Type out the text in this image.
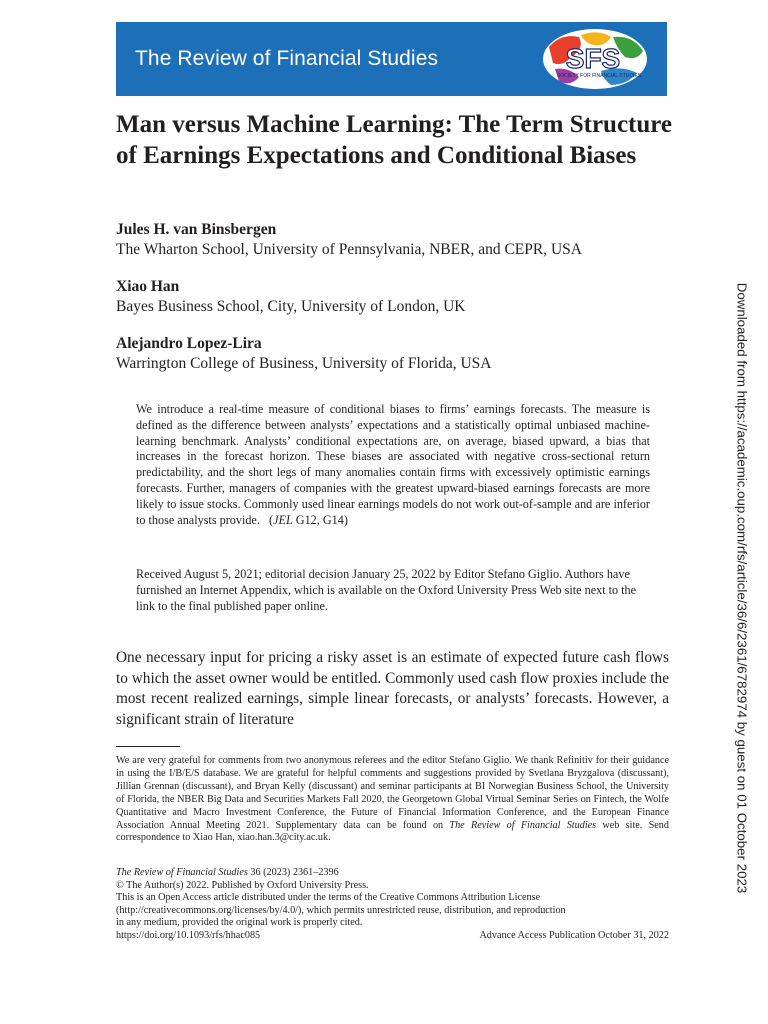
The Review of Financial Studies	SFS
SOCIETY FOR FINANCIAL STUDIES
Man versus Machine Learning: The Term Structure of Earnings Expectations and Conditional Biases
Jules H. van Binsbergen
The Wharton School, University of Pennsylvania, NBER, and CEPR, USA
Xiao Han
Bayes Business School, City, University of London, UK
Alejandro Lopez-Lira
Warrington College of Business, University of Florida, USA

We introduce a real-time measure of conditional biases to firms’ earnings forecasts. The measure is defined as the difference between analysts’ expectations and a statistically optimal unbiased machine-learning benchmark. Analysts’ conditional expectations are, on average, biased upward, a bias that increases in the forecast horizon. These biases are associated with negative cross-sectional return predictability, and the short legs of many anomalies contain firms with excessively optimistic earnings forecasts. Further, managers of companies with the greatest upward-biased earnings forecasts are more likely to issue stocks. Commonly used linear earnings models do not work out-of-sample and are inferior to those analysts provide.   (JEL G12, G14)

Received August 5, 2021; editorial decision January 25, 2022 by Editor Stefano Giglio. Authors have furnished an Internet Appendix, which is available on the Oxford University Press Web site next to the link to the final published paper online.

One necessary input for pricing a risky asset is an estimate of expected future cash flows to which the asset owner would be entitled. Commonly used cash flow proxies include the most recent realized earnings, simple linear forecasts, or analysts’ forecasts. However, a significant strain of literature

We are very grateful for comments from two anonymous referees and the editor Stefano Giglio. We thank Refinitiv for their guidance in using the I/B/E/S database. We are grateful for helpful comments and suggestions provided by Svetlana Bryzgalova (discussant), Jillian Grennan (discussant), and Bryan Kelly (discussant) and seminar participants at BI Norwegian Business School, the University of Florida, the NBER Big Data and Securities Markets Fall 2020, the Georgetown Global Virtual Seminar Series on Fintech, the Wolfe Quantitative and Macro Investment Conference, the Future of Financial Information Conference, and the European Finance Association Annual Meeting 2021. Supplementary data can be found on The Review of Financial Studies web site. Send correspondence to Xiao Han, xiao.han.3@city.ac.uk.

The Review of Financial Studies 36 (2023) 2361–2396
© The Author(s) 2022. Published by Oxford University Press.
This is an Open Access article distributed under the terms of the Creative Commons Attribution License
(http://creativecommons.org/licenses/by/4.0/), which permits unrestricted reuse, distribution, and reproduction
in any medium, provided the original work is properly cited.
https://doi.org/10.1093/rfs/hhac085	Advance Access Publication October 31, 2022
Downloaded from https://academic.oup.com/rfs/article/36/6/2361/6782974 by guest on 01 October 2023
